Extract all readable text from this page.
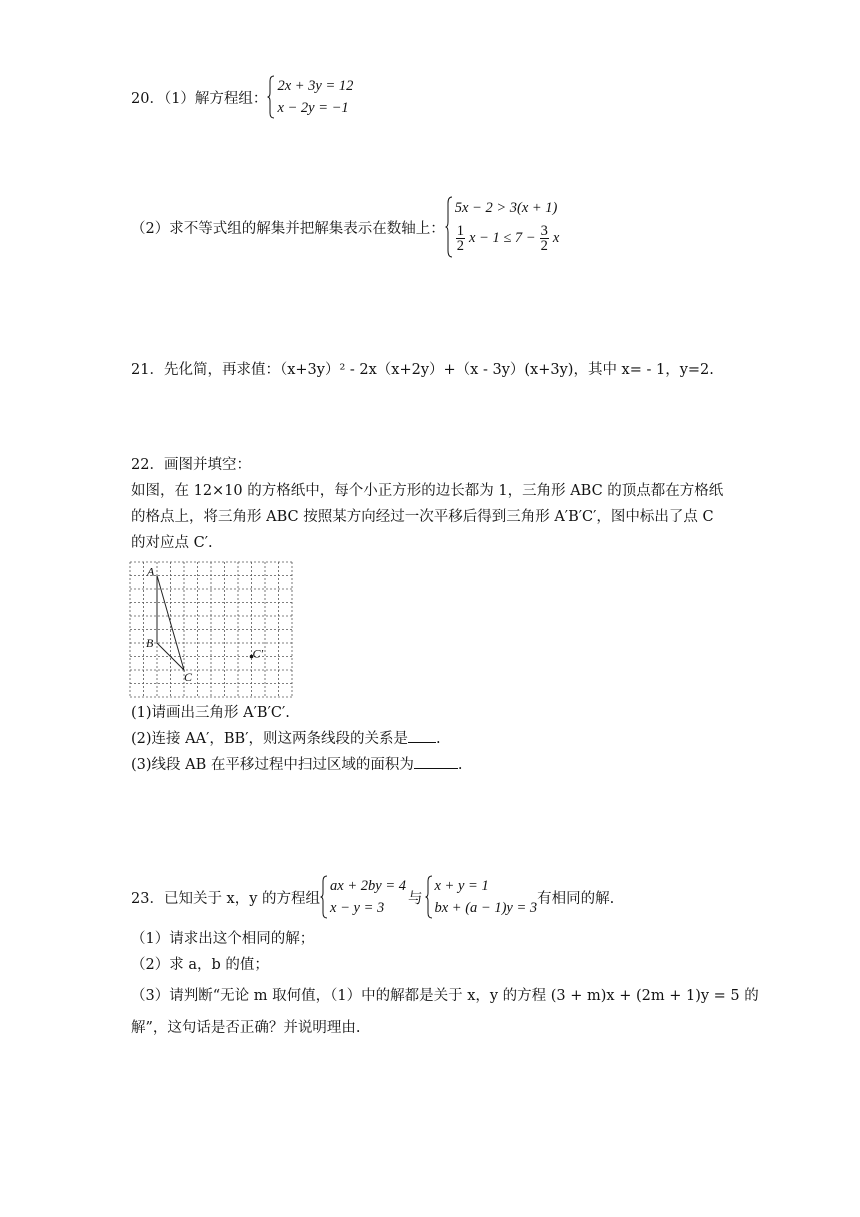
20．（1）解方程组：
2x + 3y = 12
x − 2y = −1
（2）求不等式组的解集并把解集表示在数轴上：
5x − 2 > 3(x + 1)
$\frac{1}{2}$ $x - 1 \le 7 - \frac{3}{2}$ x
21．先化简，再求值：（x+3y）² - 2x（x+2y）+（x - 3y）(x+3y)，其中 x= - 1，y=2.
22．画图并填空：
如图，在 12×10 的方格纸中，每个小正方形的边长都为 1，三角形 ABC 的顶点都在方格纸
的格点上，将三角形 ABC 按照某方向经过一次平移后得到三角形 A′B′C′，图中标出了点 C
的对应点 C′.
A
B
C
C′
(1)请画出三角形 A′B′C′.
(2)连接 AA′，BB′，则这两条线段的关系是 .
(3)线段 AB 在平移过程中扫过区域的面积为	.
23．已知关于 x，y 的方程组
ax + 2by = 4
x − y = 3
与
x + y = 1
bx + (a − 1)y = 3
有相同的解.
（1）请求出这个相同的解；
（2）求 a，b 的值；
（3）请判断“无论 m 取何值，（1）中的解都是关于 x，y 的方程 (3 + m)x + (2m + 1)y = 5 的
解”，这句话是否正确？并说明理由.
